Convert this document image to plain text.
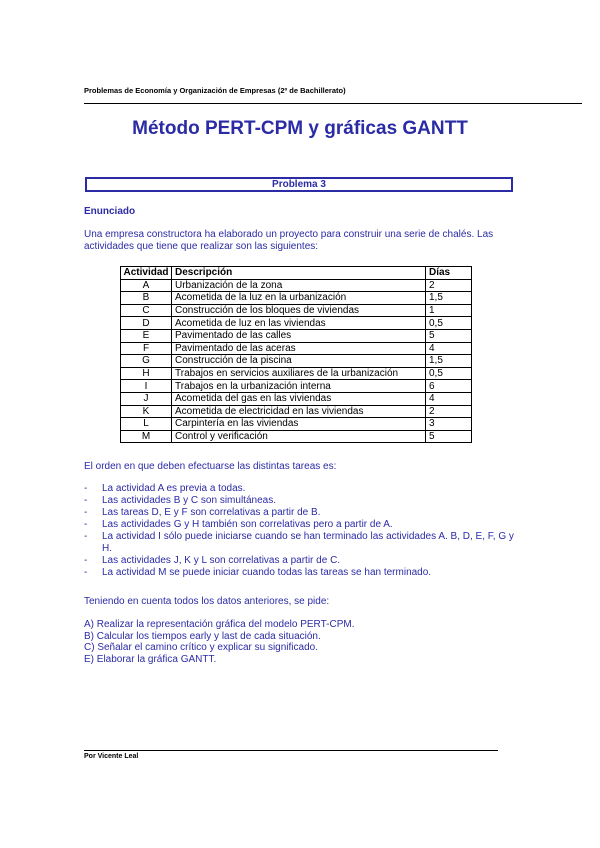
Problemas de Economía y Organización de Empresas (2º de Bachillerato)
Método PERT-CPM y gráficas GANTT
Problema 3
Enunciado

Una empresa constructora ha elaborado un proyecto para construir una serie de chalés. Las actividades que tiene que realizar son las siguientes:

Actividad	Descripción	Días
A	Urbanización de la zona	2
B	Acometida de la luz en la urbanización	1,5
C	Construcción de los bloques de viviendas	1
D	Acometida de luz en las viviendas	0,5
E	Pavimentado de las calles	5
F	Pavimentado de las aceras	4
G	Construcción de la piscina	1,5
H	Trabajos en servicios auxiliares de la urbanización	0,5
I	Trabajos en la urbanización interna	6
J	Acometida del gas en las viviendas	4
K	Acometida de electricidad en las viviendas	2
L	Carpintería en las viviendas	3
M	Control y verificación	5
El orden en que deben efectuarse las distintas tareas es:
- La actividad A es previa a todas.
- Las actividades B y C son simultáneas.
- Las tareas D, E y F son correlativas a partir de B.
- Las actividades G y H también son correlativas pero a partir de A.
- La actividad I sólo puede iniciarse cuando se han terminado las actividades A. B, D, E, F, G y H.
- Las actividades J, K y L son correlativas a partir de C.
- La actividad M se puede iniciar cuando todas las tareas se han terminado.
Teniendo en cuenta todos los datos anteriores, se pide:
A) Realizar la representación gráfica del modelo PERT-CPM.
B) Calcular los tiempos early y last de cada situación.
C) Señalar el camino crítico y explicar su significado.
E) Elaborar la gráfica GANTT.
Por Vicente Leal
